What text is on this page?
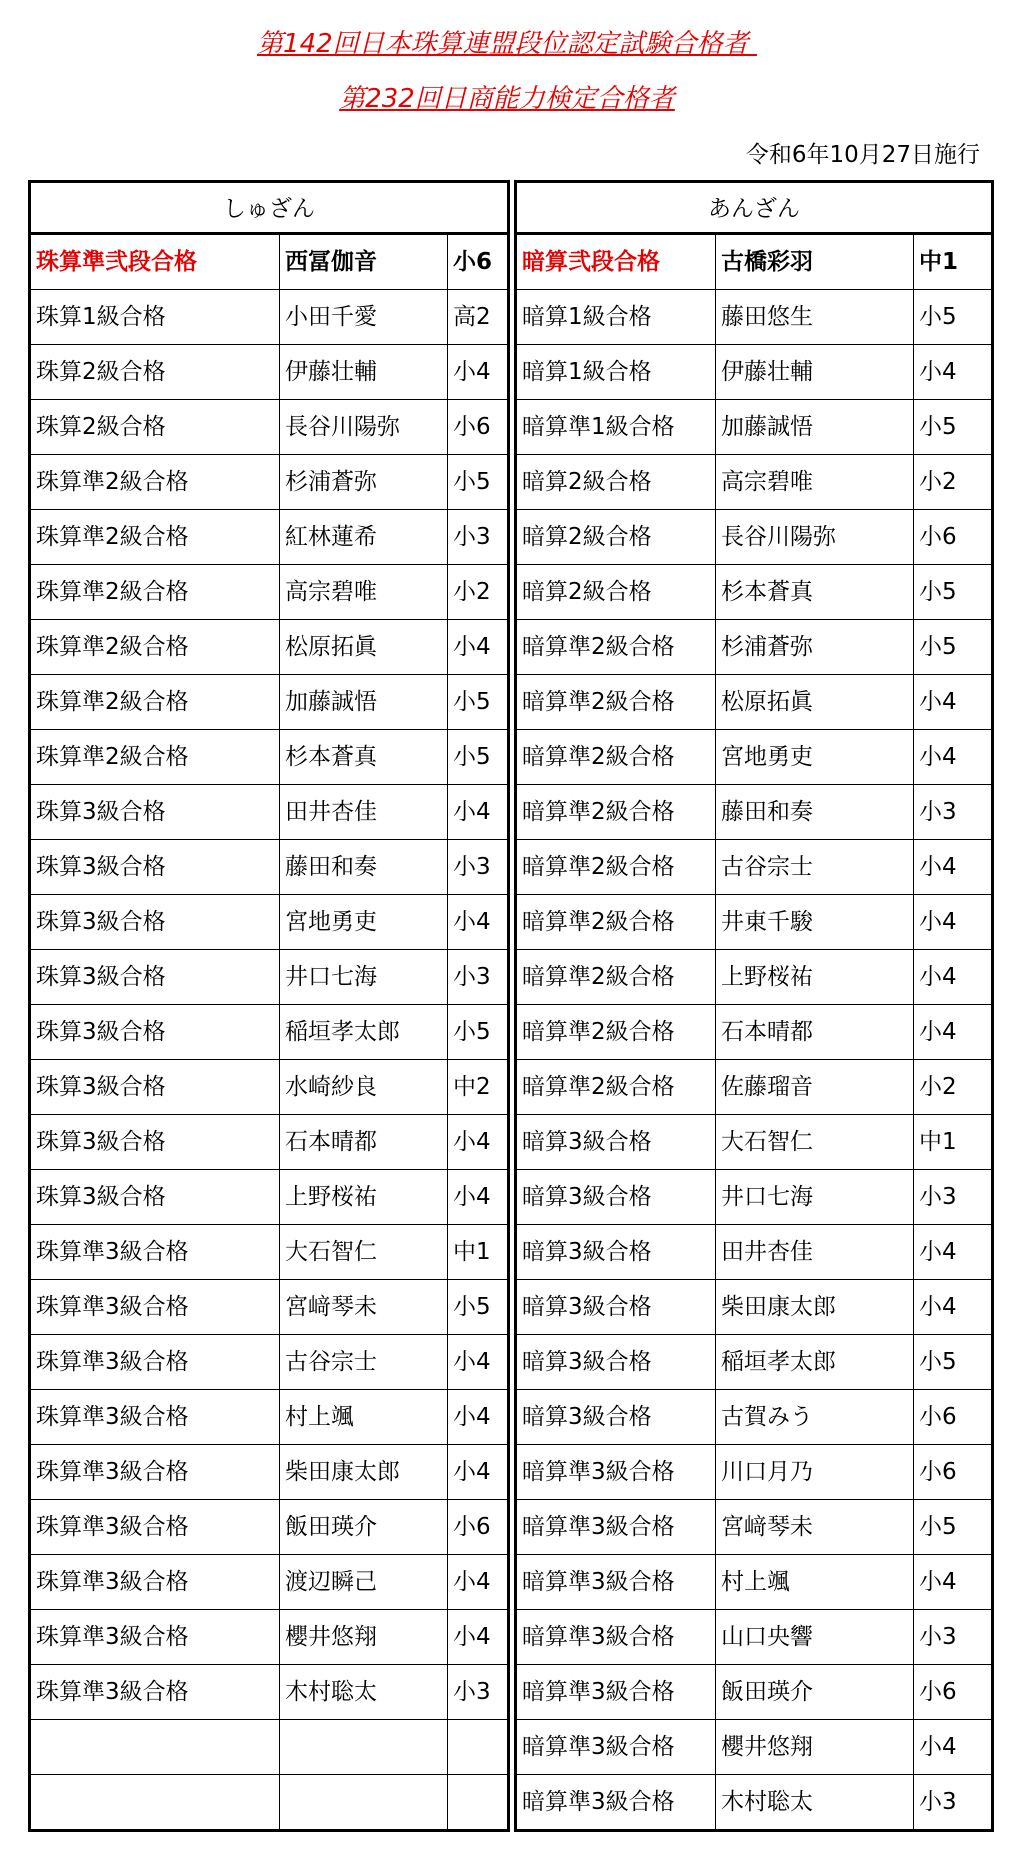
第142回日本珠算連盟段位認定試験合格者
第232回日商能力検定合格者
令和6年10月27日施行
しゅざん
珠算準弐段合格	西冨伽音	小6
珠算1級合格	小田千愛	高2
珠算2級合格	伊藤壮輔	小4
珠算2級合格	長谷川陽弥	小6
珠算準2級合格	杉浦蒼弥	小5
珠算準2級合格	紅林蓮希	小3
珠算準2級合格	高宗碧唯	小2
珠算準2級合格	松原拓眞	小4
珠算準2級合格	加藤誠悟	小5
珠算準2級合格	杉本蒼真	小5
珠算3級合格	田井杏佳	小4
珠算3級合格	藤田和奏	小3
珠算3級合格	宮地勇吏	小4
珠算3級合格	井口七海	小3
珠算3級合格	稲垣孝太郎	小5
珠算3級合格	水崎紗良	中2
珠算3級合格	石本晴都	小4
珠算3級合格	上野桜祐	小4
珠算準3級合格	大石智仁	中1
珠算準3級合格	宮﨑琴未	小5
珠算準3級合格	古谷宗士	小4
珠算準3級合格	村上颯	小4
珠算準3級合格	柴田康太郎	小4
珠算準3級合格	飯田瑛介	小6
珠算準3級合格	渡辺瞬己	小4
珠算準3級合格	櫻井悠翔	小4
珠算準3級合格	木村聡太	小3
あんざん
暗算弐段合格	古橋彩羽	中1
暗算1級合格	藤田悠生	小5
暗算1級合格	伊藤壮輔	小4
暗算準1級合格	加藤誠悟	小5
暗算2級合格	高宗碧唯	小2
暗算2級合格	長谷川陽弥	小6
暗算2級合格	杉本蒼真	小5
暗算準2級合格	杉浦蒼弥	小5
暗算準2級合格	松原拓眞	小4
暗算準2級合格	宮地勇吏	小4
暗算準2級合格	藤田和奏	小3
暗算準2級合格	古谷宗士	小4
暗算準2級合格	井東千駿	小4
暗算準2級合格	上野桜祐	小4
暗算準2級合格	石本晴都	小4
暗算準2級合格	佐藤瑠音	小2
暗算3級合格	大石智仁	中1
暗算3級合格	井口七海	小3
暗算3級合格	田井杏佳	小4
暗算3級合格	柴田康太郎	小4
暗算3級合格	稲垣孝太郎	小5
暗算3級合格	古賀みう	小6
暗算準3級合格	川口月乃	小6
暗算準3級合格	宮﨑琴未	小5
暗算準3級合格	村上颯	小4
暗算準3級合格	山口央響	小3
暗算準3級合格	飯田瑛介	小6
暗算準3級合格	櫻井悠翔	小4
暗算準3級合格	木村聡太	小3
